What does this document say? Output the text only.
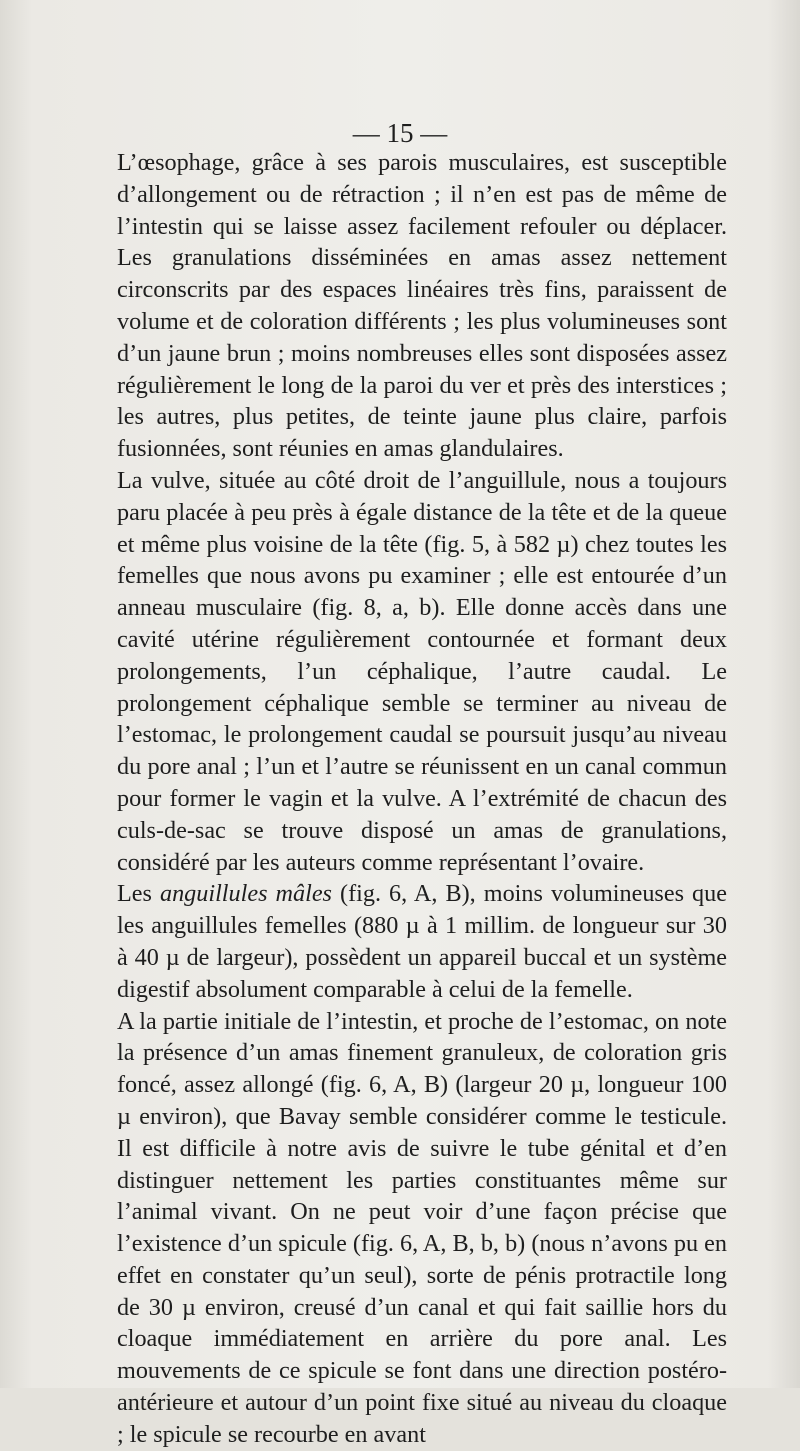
— 15 —

L’œsophage, grâce à ses parois musculaires, est susceptible d’allongement ou de rétraction ; il n’en est pas de même de l’intestin qui se laisse assez facilement refouler ou déplacer. Les granulations disséminées en amas assez nettement circonscrits par des espaces linéaires très fins, paraissent de volume et de coloration différents ; les plus volumineuses sont d’un jaune brun ; moins nombreuses elles sont disposées assez régulièrement le long de la paroi du ver et près des interstices ; les autres, plus petites, de teinte jaune plus claire, parfois fusionnées, sont réunies en amas glandulaires.

La vulve, située au côté droit de l’anguillule, nous a toujours paru placée à peu près à égale distance de la tête et de la queue et même plus voisine de la tête (fig. 5, à 582 µ) chez toutes les femelles que nous avons pu examiner ; elle est entourée d’un anneau musculaire (fig. 8, a, b). Elle donne accès dans une cavité utérine régulièrement contournée et formant deux prolongements, l’un céphalique, l’autre caudal. Le prolongement céphalique semble se terminer au niveau de l’estomac, le prolongement caudal se poursuit jusqu’au niveau du pore anal ; l’un et l’autre se réunissent en un canal commun pour former le vagin et la vulve. A l’extrémité de chacun des culs-de-sac se trouve disposé un amas de granulations, considéré par les auteurs comme représentant l’ovaire.

Les anguillules mâles (fig. 6, A, B), moins volumineuses que les anguillules femelles (880 µ à 1 millim. de longueur sur 30 à 40 µ de largeur), possèdent un appareil buccal et un système digestif absolument comparable à celui de la femelle.

A la partie initiale de l’intestin, et proche de l’estomac, on note la présence d’un amas finement granuleux, de coloration gris foncé, assez allongé (fig. 6, A, B) (largeur 20 µ, longueur 100 µ environ), que Bavay semble considérer comme le testicule. Il est difficile à notre avis de suivre le tube génital et d’en distinguer nettement les parties constituantes même sur l’animal vivant. On ne peut voir d’une façon précise que l’existence d’un spicule (fig. 6, A, B, b, b) (nous n’avons pu en effet en constater qu’un seul), sorte de pénis protractile long de 30 µ environ, creusé d’un canal et qui fait saillie hors du cloaque immédiatement en arrière du pore anal. Les mouvements de ce spicule se font dans une direction postéro-antérieure et autour d’un point fixe situé au niveau du cloaque ; le spicule se recourbe en avant
